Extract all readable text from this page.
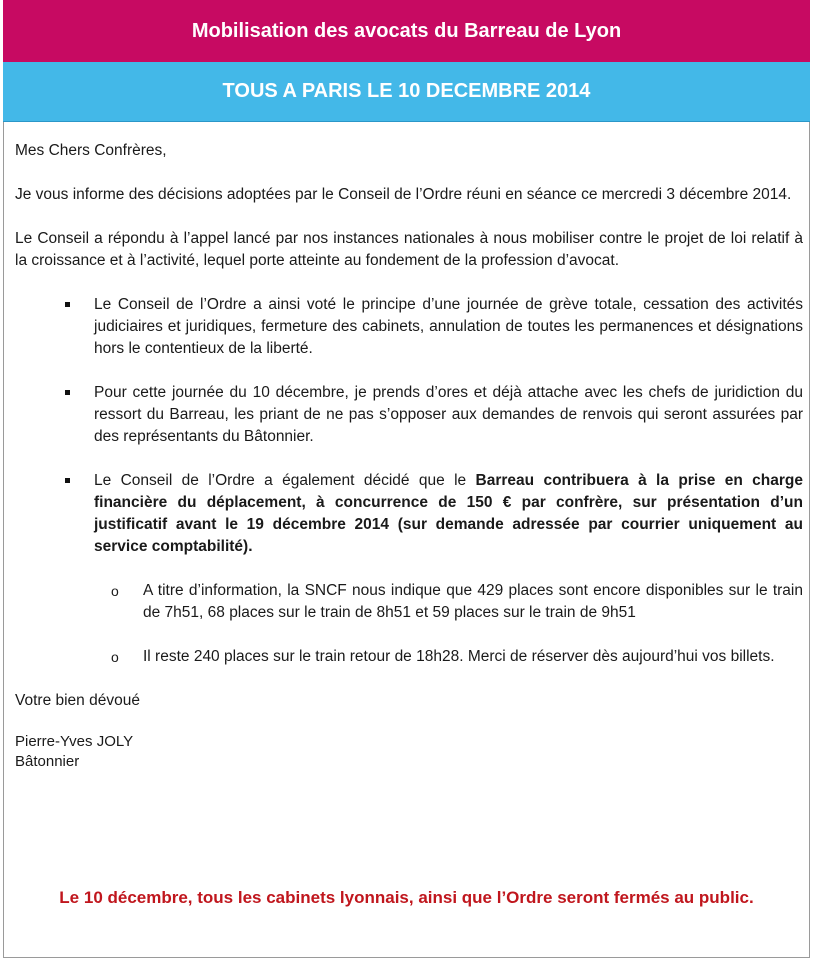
Mobilisation des avocats du Barreau de Lyon
TOUS A PARIS LE 10 DECEMBRE 2014

Mes Chers Confrères,

Je vous informe des décisions adoptées par le Conseil de l’Ordre réuni en séance ce mercredi 3 décembre 2014.

Le Conseil a répondu à l’appel lancé par nos instances nationales à nous mobiliser contre le projet de loi relatif à la croissance et à l’activité, lequel porte atteinte au fondement de la profession d’avocat.

Le Conseil de l’Ordre a ainsi voté le principe d’une journée de grève totale, cessation des activités judiciaires et juridiques, fermeture des cabinets, annulation de toutes les permanences et désignations hors le contentieux de la liberté.
Pour cette journée du 10 décembre, je prends d’ores et déjà attache avec les chefs de juridiction du ressort du Barreau, les priant de ne pas s’opposer aux demandes de renvois qui seront assurées par des représentants du Bâtonnier.
Le Conseil de l’Ordre a également décidé que le Barreau contribuera à la prise en charge financière du déplacement, à concurrence de 150 € par confrère, sur présentation d’un justificatif avant le 19 décembre 2014 (sur demande adressée par courrier uniquement au service comptabilité).
o A titre d’information, la SNCF nous indique que 429 places sont encore disponibles sur le train de 7h51, 68 places sur le train de 8h51 et 59 places sur le train de 9h51
o Il reste 240 places sur le train retour de 18h28. Merci de réserver dès aujourd’hui vos billets.

Votre bien dévoué

Pierre-Yves JOLY
Bâtonnier
Le 10 décembre, tous les cabinets lyonnais, ainsi que l’Ordre seront fermés au public.
